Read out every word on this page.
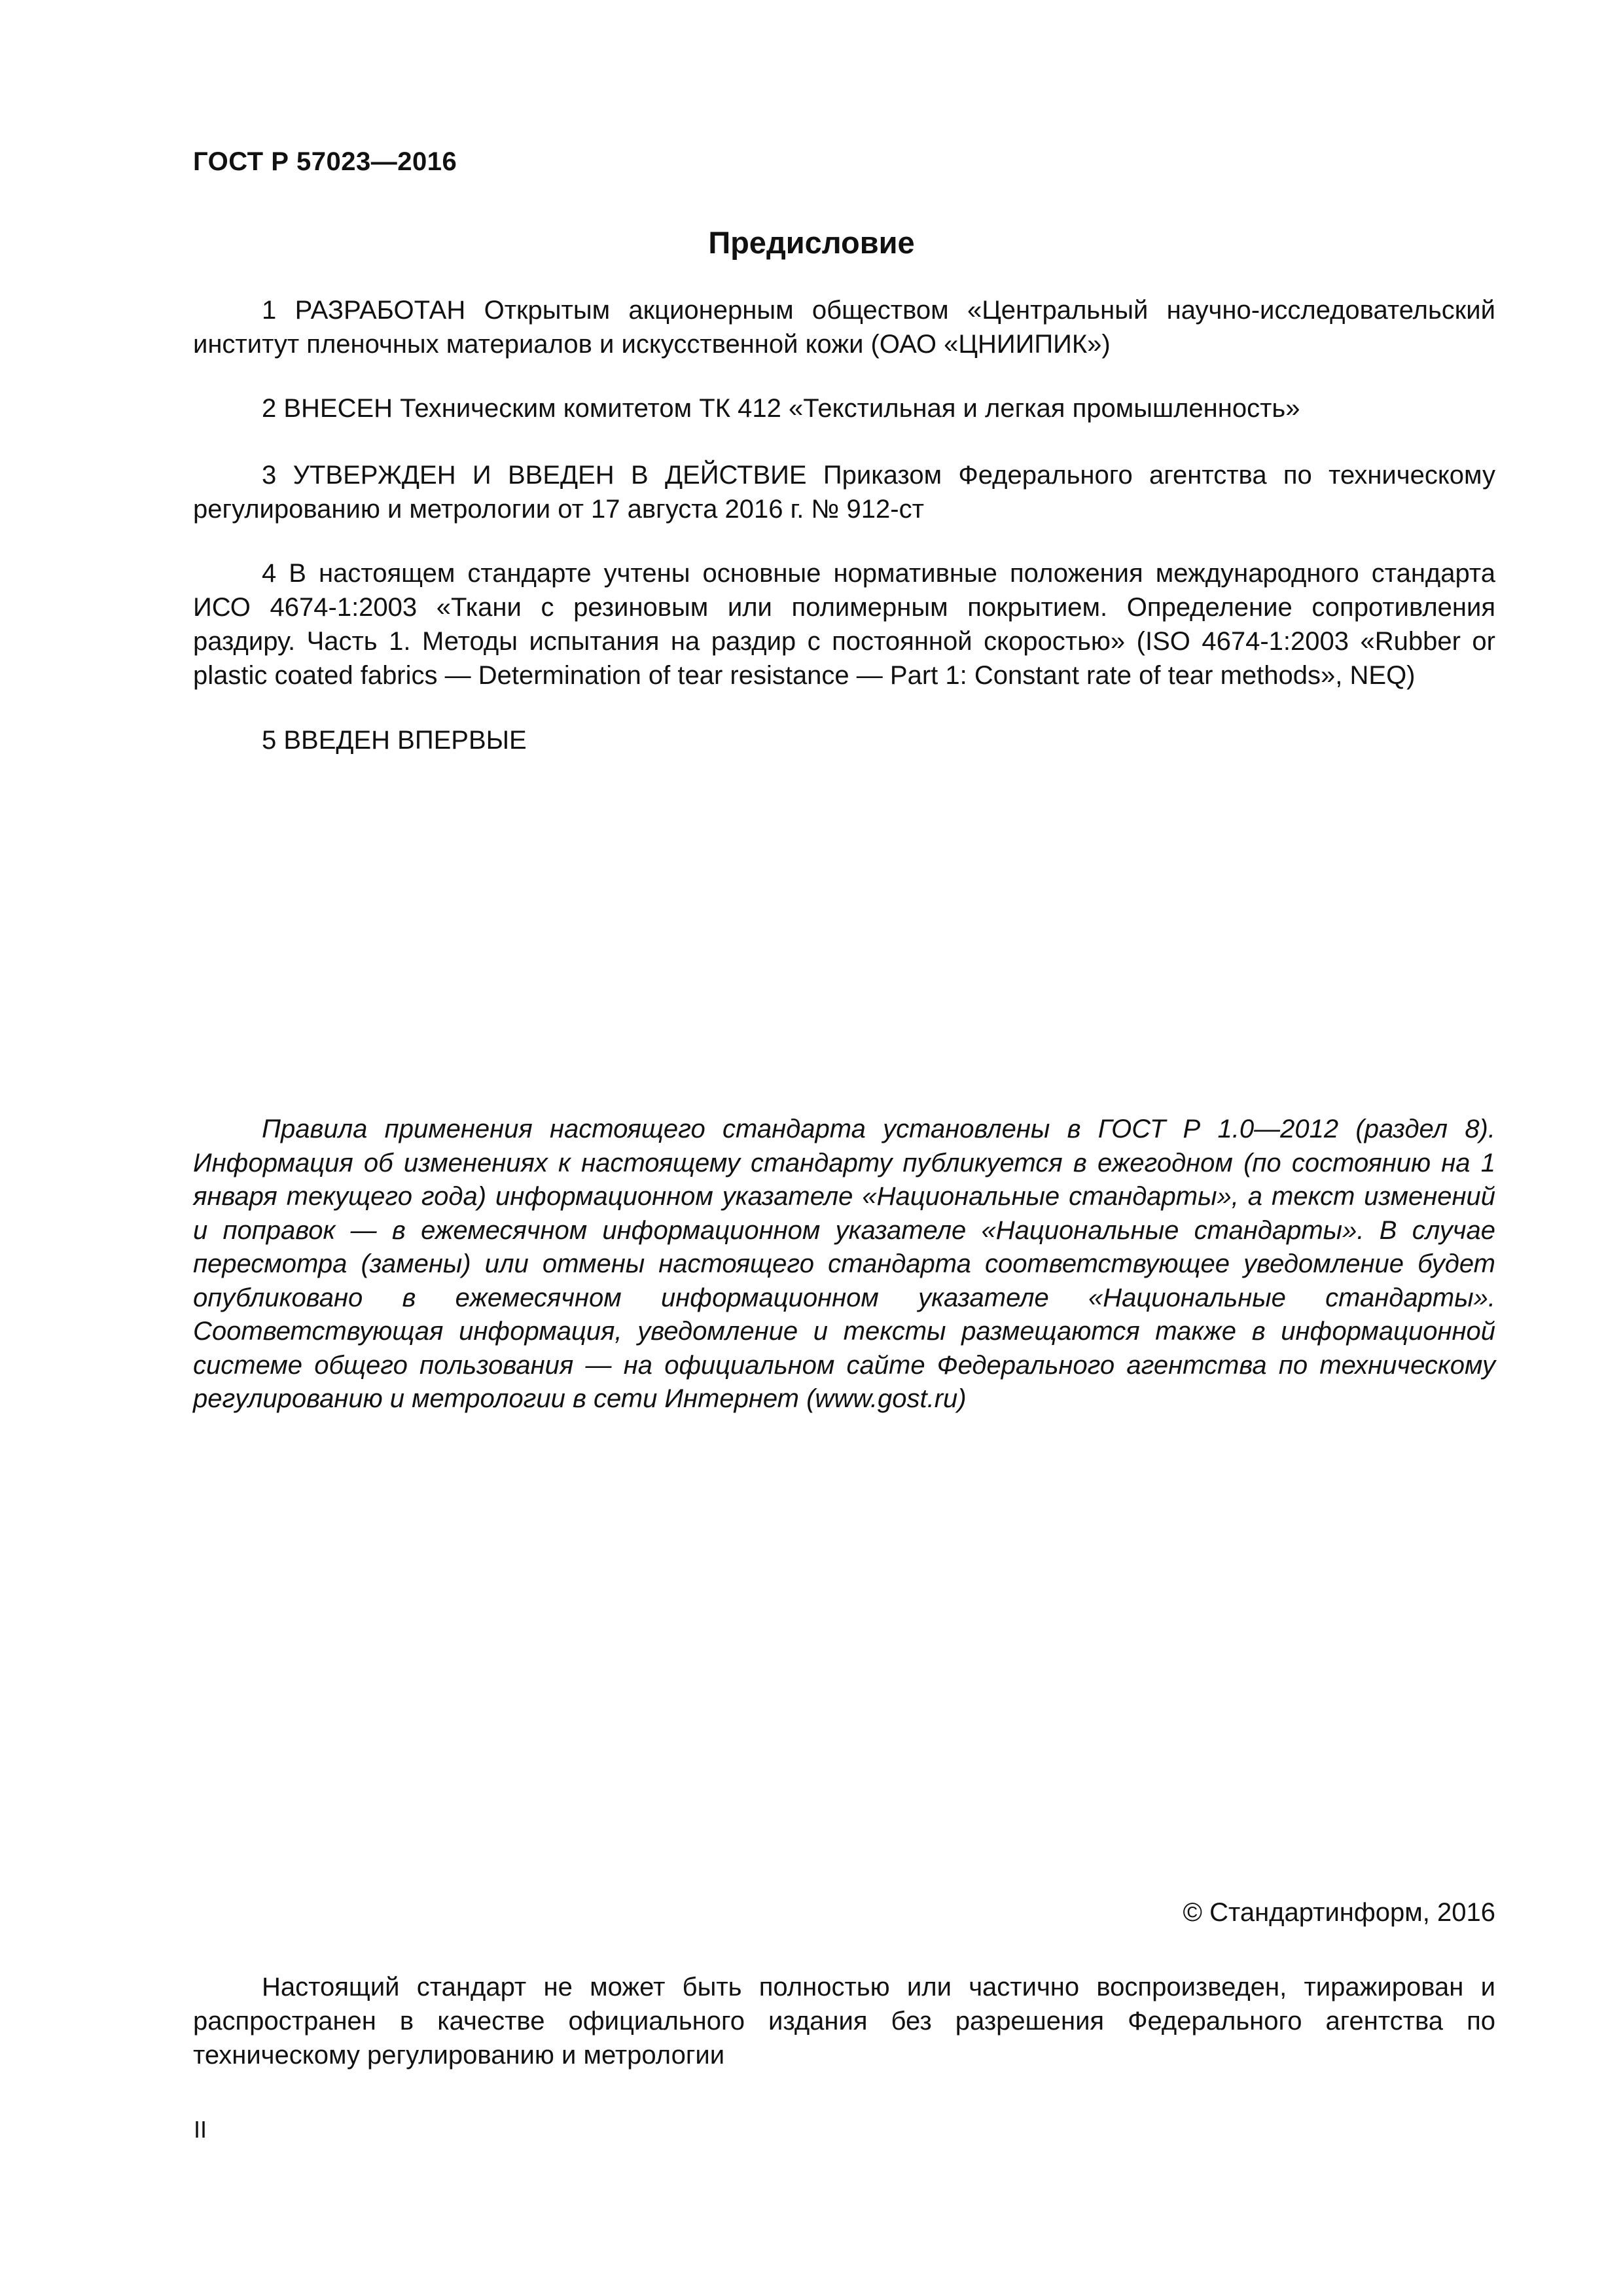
ГОСТ Р 57023—2016
Предисловие

1 РАЗРАБОТАН Открытым акционерным обществом «Центральный научно-исследовательский институт пленочных материалов и искусственной кожи (ОАО «ЦНИИПИК»)

2 ВНЕСЕН Техническим комитетом ТК 412 «Текстильная и легкая промышленность»

3 УТВЕРЖДЕН И ВВЕДЕН В ДЕЙСТВИЕ Приказом Федерального агентства по техническому регулированию и метрологии от 17 августа 2016 г. № 912-ст

4 В настоящем стандарте учтены основные нормативные положения международного стандарта ИСО 4674-1:2003 «Ткани с резиновым или полимерным покрытием. Определение сопротивления раздиру. Часть 1. Методы испытания на раздир с постоянной скоростью» (ISO 4674-1:2003 «Rubber or plastic coated fabrics — Determination of tear resistance — Part 1: Constant rate of tear methods», NEQ)

5 ВВЕДЕН ВПЕРВЫЕ

Правила применения настоящего стандарта установлены в ГОСТ Р 1.0—2012 (раздел 8). Информация об изменениях к настоящему стандарту публикуется в ежегодном (по состоянию на 1 января текущего года) информационном указателе «Национальные стандарты», а текст изменений и поправок — в ежемесячном информационном указателе «Национальные стандарты». В случае пересмотра (замены) или отмены настоящего стандарта соответствующее уведомление будет опубликовано в ежемесячном информационном указателе «Национальные стандарты». Соответствующая информация, уведомление и тексты размещаются также в информационной системе общего пользования — на официальном сайте Федерального агентства по техническому регулированию и метрологии в сети Интернет (www.gost.ru)

© Стандартинформ, 2016

Настоящий стандарт не может быть полностью или частично воспроизведен, тиражирован и распространен в качестве официального издания без разрешения Федерального агентства по техническому регулированию и метрологии

II
